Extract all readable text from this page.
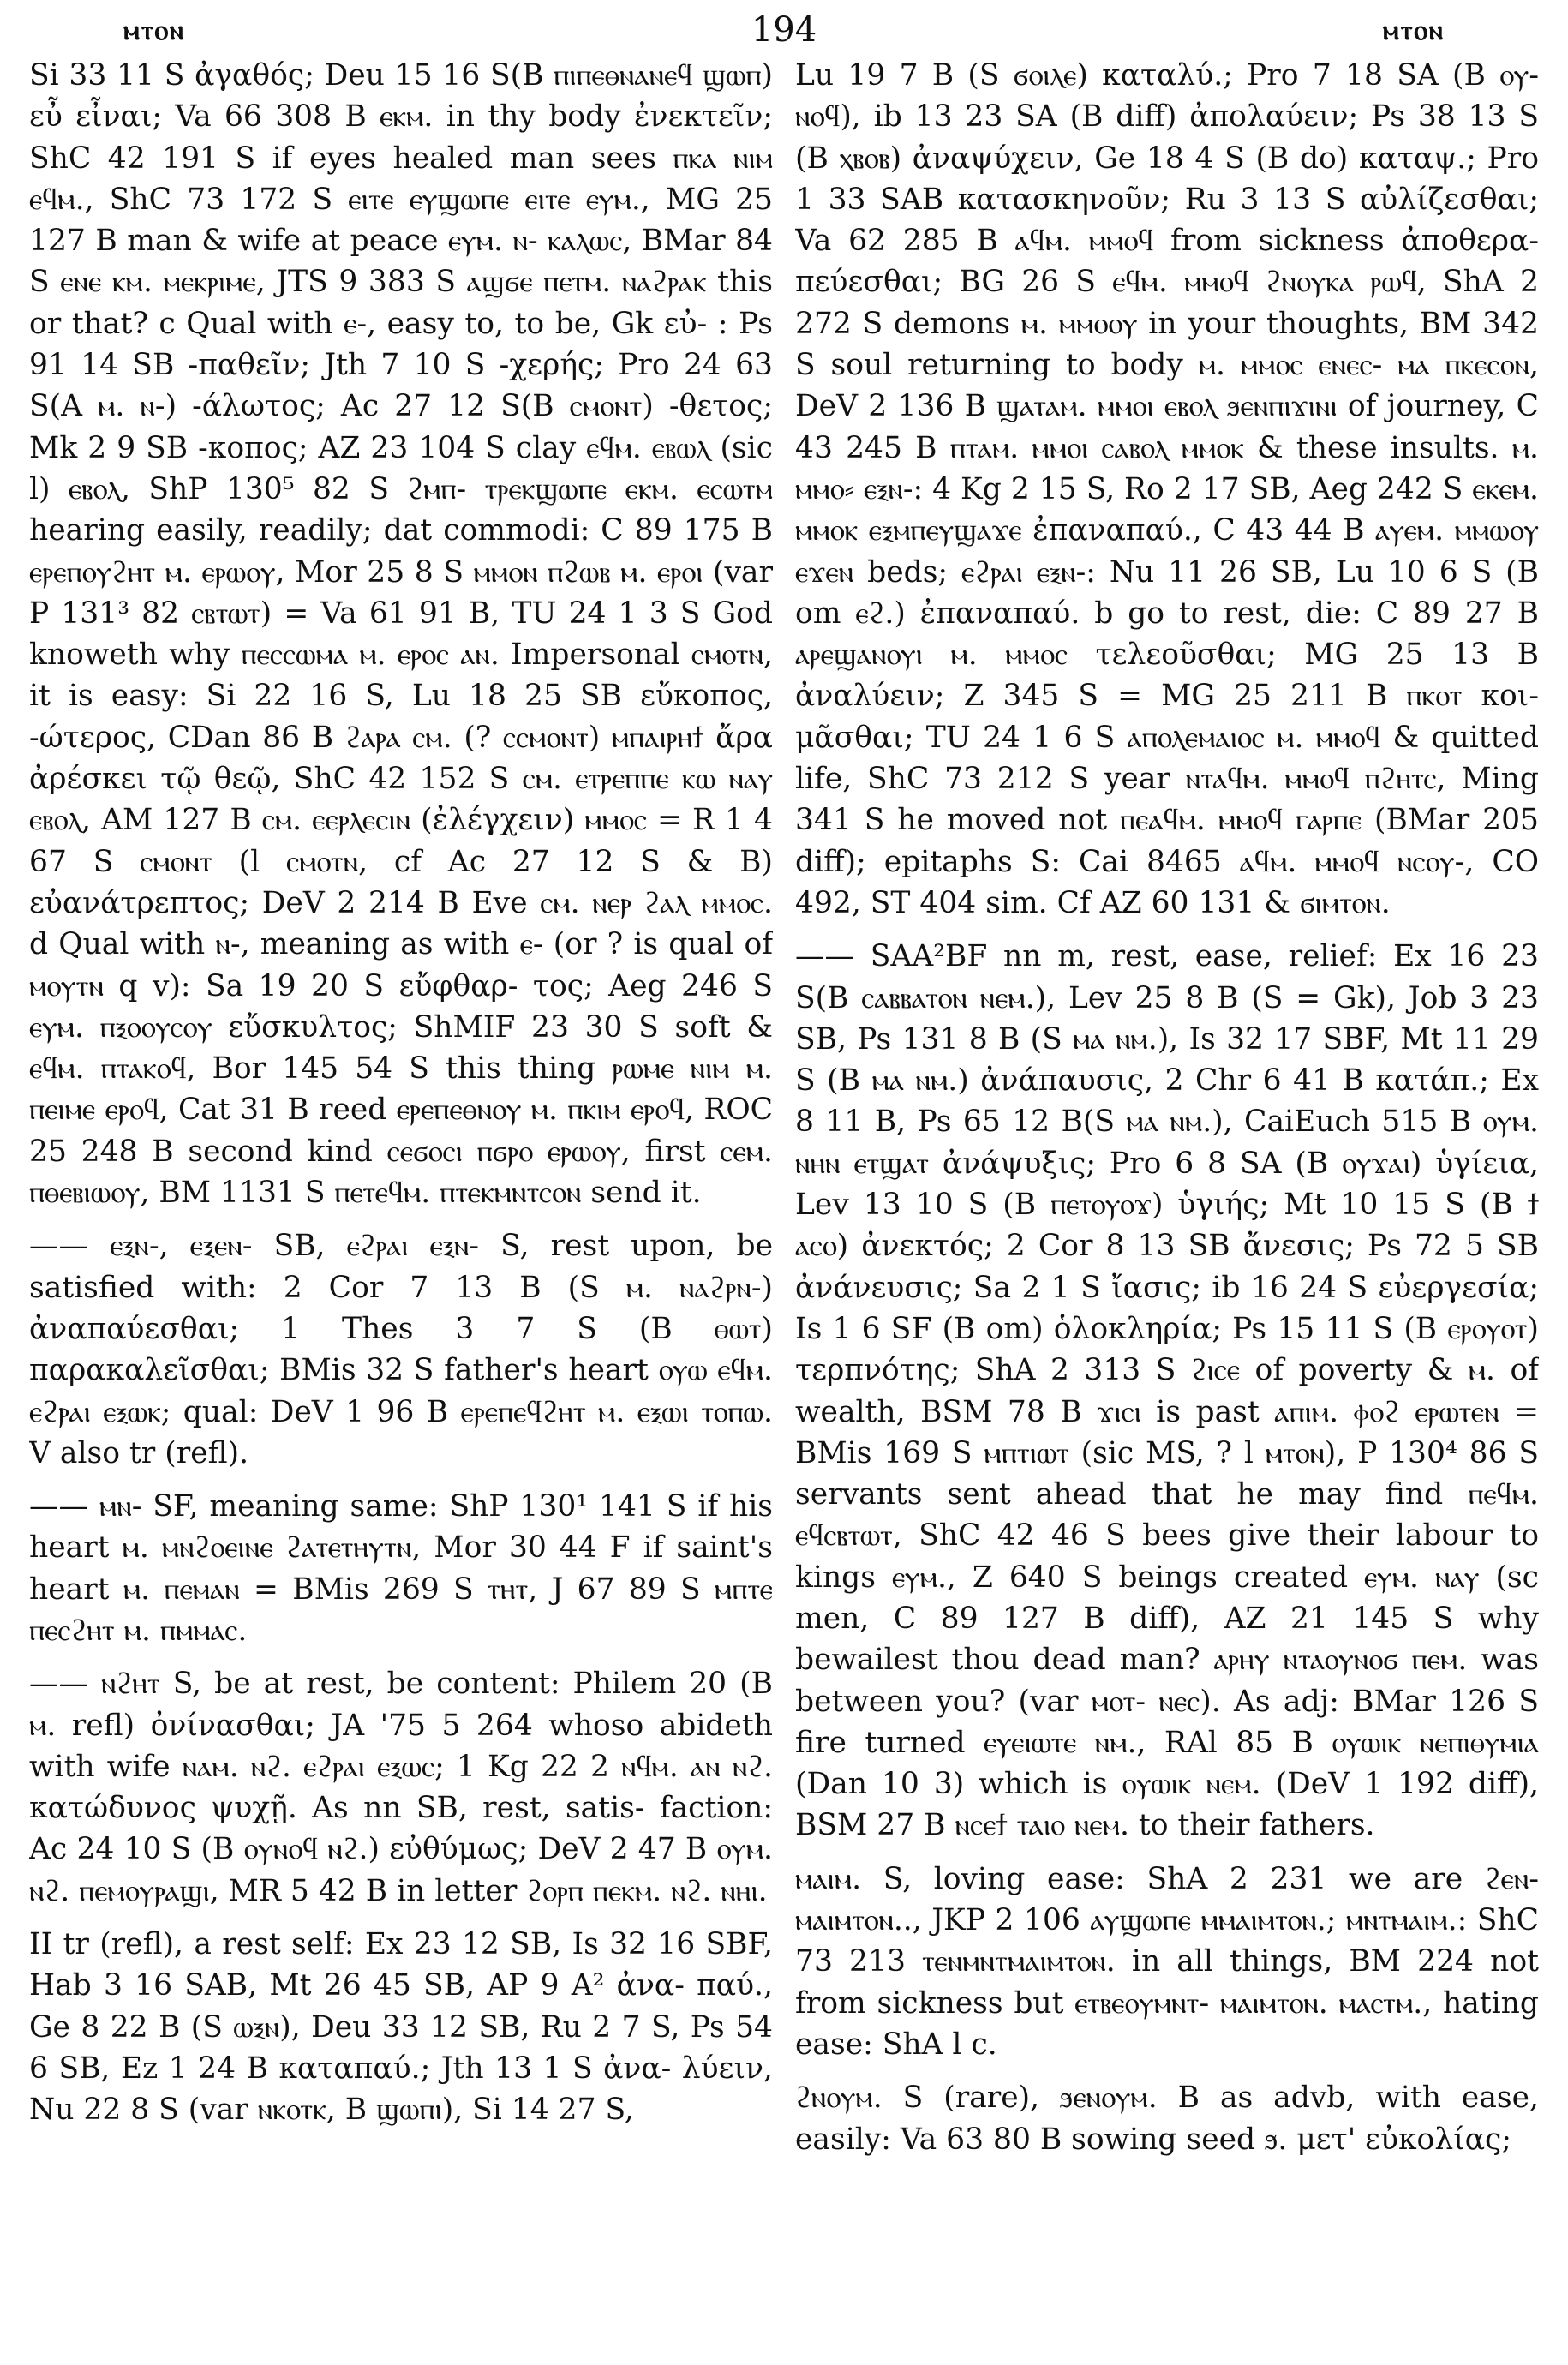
ⲙⲧⲟⲛ	194	ⲙⲧⲟⲛ

Si 33 11 S ἀγαθός; Deu 15 16 S(B ⲡⲓⲡⲉⲑⲛⲁⲛⲉϥ ϣⲱⲡ) εὖ εἶναι; Va 66 308 B ⲉⲕⲙ. in thy body ἐνεκτεῖν; ShC 42 191 S if eyes healed man sees ⲡⲕⲁ ⲛⲓⲙ ⲉϥⲙ., ShC 73 172 S ⲉⲓⲧⲉ ⲉⲩϣⲱⲡⲉ ⲉⲓⲧⲉ ⲉⲩⲙ., MG 25 127 B man & wife at peace ⲉⲩⲙ. ⲛ- ⲕⲁⲗⲱⲥ, BMar 84 S ⲉⲛⲉ ⲕⲙ. ⲙⲉⲕⲣⲓⲙⲉ, JTS 9 383 S ⲁϣϭⲉ ⲡⲉⲧⲙ. ⲛⲁϩⲣⲁⲕ this or that? c Qual with ⲉ-, easy to, to be, Gk εὐ- : Ps 91 14 SB -παθεῖν; Jth 7 10 S -χερής; Pro 24 63 S(A ⲙ. ⲛ-) -άλωτος; Ac 27 12 S(B ⲥⲙⲟⲛⲧ) -θετος; Mk 2 9 SB -κοπος; AZ 23 104 S clay ⲉϥⲙ. ⲉⲃⲱⲗ (sic l) ⲉⲃⲟⲗ, ShP 130⁵ 82 S ϩⲙⲡ- ⲧⲣⲉⲕϣⲱⲡⲉ ⲉⲕⲙ. ⲉⲥⲱⲧⲙ hearing easily, readily; dat commodi: C 89 175 B ⲉⲣⲉⲡⲟⲩϩⲏⲧ ⲙ. ⲉⲣⲱⲟⲩ, Mor 25 8 S ⲙⲙⲟⲛ ⲡϩⲱⲃ ⲙ. ⲉⲣⲟⲓ (var P 131³ 82 ⲥⲃⲧⲱⲧ) = Va 61 91 B, TU 24 1 3 S God knoweth why ⲡⲉⲥⲥⲱⲙⲁ ⲙ. ⲉⲣⲟⲥ ⲁⲛ. Impersonal ⲥⲙⲟⲧⲛ, it is easy: Si 22 16 S, Lu 18 25 SB εὔκοπος, -ώτερος, CDan 86 B ϩⲁⲣⲁ ⲥⲙ. (? ⲥⲥⲙⲟⲛⲧ) ⲙⲡⲁⲓⲣⲏϯ ἄρα ἀρέσκει τῷ θεῷ, ShC 42 152 S ⲥⲙ. ⲉⲧⲣⲉⲡⲡⲉ ⲕⲱ ⲛⲁⲩ ⲉⲃⲟⲗ, AM 127 B ⲥⲙ. ⲉⲉⲣⲗⲉⲥⲓⲛ (ἐλέγχειν) ⲙⲙⲟⲥ = R 1 4 67 S ⲥⲙⲟⲛⲧ (l ⲥⲙⲟⲧⲛ, cf Ac 27 12 S & B) εὐανάτρεπτος; DeV 2 214 B Eve ⲥⲙ. ⲛⲉⲣ ϩⲁⲗ ⲙⲙⲟⲥ. d Qual with ⲛ-, meaning as with ⲉ- (or ? is qual of ⲙⲟⲩⲧⲛ q v): Sa 19 20 S εὔφθαρ- τος; Aeg 246 S ⲉⲩⲙ. ⲡⲝⲟⲟⲩⲥⲟⲩ εὔσκυλτος; ShMIF 23 30 S soft & ⲉϥⲙ. ⲡⲧⲁⲕⲟϥ, Bor 145 54 S this thing ⲣⲱⲙⲉ ⲛⲓⲙ ⲙ. ⲡⲉⲓⲙⲉ ⲉⲣⲟϥ, Cat 31 B reed ⲉⲣⲉⲡⲉⲑⲛⲟⲩ ⲙ. ⲡⲕⲓⲙ ⲉⲣⲟϥ, ROC 25 248 B second kind ⲥⲉϭⲟⲥⲓ ⲡϭⲣⲟ ⲉⲣⲱⲟⲩ, first ⲥⲉⲙ. ⲡⲑⲉⲃⲓⲱⲟⲩ, BM 1131 S ⲡⲉⲧⲉϥⲙ. ⲡⲧⲉⲕⲙⲛⲧⲥⲟⲛ send it.

—— ⲉⲝⲛ-, ⲉⲝⲉⲛ- SB, ⲉϩⲣⲁⲓ ⲉⲝⲛ- S, rest upon, be satisfied with: 2 Cor 7 13 B (S ⲙ. ⲛⲁϩⲣⲛ-) ἀναπαύεσθαι; 1 Thes 3 7 S (B ⲑⲱⲧ) παρακαλεῖσθαι; BMis 32 S father's heart ⲟⲩⲱ ⲉϥⲙ. ⲉϩⲣⲁⲓ ⲉⲝⲱⲕ; qual: DeV 1 96 B ⲉⲣⲉⲡⲉϥϩⲏⲧ ⲙ. ⲉⲝⲱⲓ ⲧⲟⲡⲱ. V also tr (refl).

—— ⲙⲛ- SF, meaning same: ShP 130¹ 141 S if his heart ⲙ. ⲙⲛϩⲟⲉⲓⲛⲉ ϩⲁⲧⲉⲧⲏⲩⲧⲛ, Mor 30 44 F if saint's heart ⲙ. ⲡⲉⲙⲁⲛ = BMis 269 S ⲧⲏⲧ, J 67 89 S ⲙⲡⲧⲉ ⲡⲉⲥϩⲏⲧ ⲙ. ⲡⲙⲙⲁⲥ.

—— ⲛϩⲏⲧ S, be at rest, be content: Philem 20 (B ⲙ. refl) ὀνίνασθαι; JA '75 5 264 whoso abideth with wife ⲛⲁⲙ. ⲛϩ. ⲉϩⲣⲁⲓ ⲉⲝⲱⲥ; 1 Kg 22 2 ⲛϥⲙ. ⲁⲛ ⲛϩ. κατώδυνος ψυχῇ. As nn SB, rest, satis- faction: Ac 24 10 S (B ⲟⲩⲛⲟϥ ⲛϩ.) εὐθύμως; DeV 2 47 B ⲟⲩⲙ. ⲛϩ. ⲡⲉⲙⲟⲩⲣⲁϣⲓ, MR 5 42 B in letter ϩⲟⲣⲡ ⲡⲉⲕⲙ. ⲛϩ. ⲛⲏⲓ.

II tr (refl), a rest self: Ex 23 12 SB, Is 32 16 SBF, Hab 3 16 SAB, Mt 26 45 SB, AP 9 A² ἀνα- παύ., Ge 8 22 B (S ⲱⲝⲛ), Deu 33 12 SB, Ru 2 7 S, Ps 54 6 SB, Ez 1 24 B καταπαύ.; Jth 13 1 S ἀνα- λύειν, Nu 22 8 S (var ⲛⲕⲟⲧⲕ, B ϣⲱⲡⲓ), Si 14 27 S,

Lu 19 7 B (S ϭⲟⲓⲗⲉ) καταλύ.; Pro 7 18 SA (B ⲟⲩ- ⲛⲟϥ), ib 13 23 SA (B diff) ἀπολαύειν; Ps 38 13 S (B ⲭⲃⲟⲃ) ἀναψύχειν, Ge 18 4 S (B do) καταψ.; Pro 1 33 SAB κατασκηνοῦν; Ru 3 13 S αὐλίζεσθαι; Va 62 285 B ⲁϥⲙ. ⲙⲙⲟϥ from sickness ἀποθερα- πεύεσθαι; BG 26 S ⲉϥⲙ. ⲙⲙⲟϥ ϩⲛⲟⲩⲕⲁ ⲣⲱϥ, ShA 2 272 S demons ⲙ. ⲙⲙⲟⲟⲩ in your thoughts, BM 342 S soul returning to body ⲙ. ⲙⲙⲟⲥ ⲉⲛⲉⲥ- ⲙⲁ ⲡⲕⲉⲥⲟⲛ, DeV 2 136 B ϣⲁⲧⲁⲙ. ⲙⲙⲟⲓ ⲉⲃⲟⲗ ϧⲉⲛⲡⲓϫⲓⲛⲓ of journey, C 43 245 B ⲡⲧⲁⲙ. ⲙⲙⲟⲓ ⲥⲁⲃⲟⲗ ⲙⲙⲟⲕ & these insults. ⲙ. ⲙⲙⲟ⸗ ⲉⲝⲛ-: 4 Kg 2 15 S, Ro 2 17 SB, Aeg 242 S ⲉⲕⲉⲙ. ⲙⲙⲟⲕ ⲉⲝⲙⲡⲉⲩϣⲁϫⲉ ἐπαναπαύ., C 43 44 B ⲁⲩⲉⲙ. ⲙⲙⲱⲟⲩ ⲉϫⲉⲛ beds; ⲉϩⲣⲁⲓ ⲉⲝⲛ-: Nu 11 26 SB, Lu 10 6 S (B om ⲉϩ.) ἐπαναπαύ. b go to rest, die: C 89 27 B ⲁⲣⲉϣⲁⲛⲟⲩⲓ ⲙ. ⲙⲙⲟⲥ τελεοῦσθαι; MG 25 13 B ἀναλύειν; Z 345 S = MG 25 211 B ⲡⲕⲟⲧ κοι- μᾶσθαι; TU 24 1 6 S ⲁⲡⲟⲗⲉⲙⲁⲓⲟⲥ ⲙ. ⲙⲙⲟϥ & quitted life, ShC 73 212 S year ⲛⲧⲁϥⲙ. ⲙⲙⲟϥ ⲡϩⲏⲧⲥ, Ming 341 S he moved not ⲡⲉⲁϥⲙ. ⲙⲙⲟϥ ⲅⲁⲣⲡⲉ (BMar 205 diff); epitaphs S: Cai 8465 ⲁϥⲙ. ⲙⲙⲟϥ ⲛⲥⲟⲩ-, CO 492, ST 404 sim. Cf AZ 60 131 & ϭⲓⲙⲧⲟⲛ.

—— SAA²BF nn m, rest, ease, relief: Ex 16 23 S(B ⲥⲁⲃⲃⲁⲧⲟⲛ ⲛⲉⲙ.), Lev 25 8 B (S = Gk), Job 3 23 SB, Ps 131 8 B (S ⲙⲁ ⲛⲙ.), Is 32 17 SBF, Mt 11 29 S (B ⲙⲁ ⲛⲙ.) ἀνάπαυσις, 2 Chr 6 41 B κατάπ.; Ex 8 11 B, Ps 65 12 B(S ⲙⲁ ⲛⲙ.), CaiEuch 515 B ⲟⲩⲙ. ⲛⲏⲛ ⲉⲧϣⲁⲧ ἀνάψυξις; Pro 6 8 SA (B ⲟⲩϫⲁⲓ) ὑγίεια, Lev 13 10 S (B ⲡⲉⲧⲟⲩⲟϫ) ὑγιής; Mt 10 15 S (B ϯ ⲁⲥⲟ) ἀνεκτός; 2 Cor 8 13 SB ἄνεσις; Ps 72 5 SB ἀνάνευσις; Sa 2 1 S ἴασις; ib 16 24 S εὐεργεσία; Is 1 6 SF (B om) ὁλοκληρία; Ps 15 11 S (B ⲉⲣⲟⲩⲟⲧ) τερπνότης; ShA 2 313 S ϩⲓⲥⲉ of poverty & ⲙ. of wealth, BSM 78 B ϫⲓⲥⲓ is past ⲁⲡⲓⲙ. ⲫⲟϩ ⲉⲣⲱⲧⲉⲛ = BMis 169 S ⲙⲡⲧⲓⲱⲧ (sic MS, ? l ⲙⲧⲟⲛ), P 130⁴ 86 S servants sent ahead that he may find ⲡⲉϥⲙ. ⲉϥⲥⲃⲧⲱⲧ, ShC 42 46 S bees give their labour to kings ⲉⲩⲙ., Z 640 S beings created ⲉⲩⲙ. ⲛⲁⲩ (sc men, C 89 127 B diff), AZ 21 145 S why bewailest thou dead man? ⲁⲣⲏⲩ ⲛⲧⲁⲟⲩⲛⲟϭ ⲡⲉⲙ. was between you? (var ⲙⲟⲧ- ⲛⲉⲥ). As adj: BMar 126 S fire turned ⲉⲩⲉⲓⲱⲧⲉ ⲛⲙ., RAl 85 B ⲟⲩⲱⲓⲕ ⲛⲉⲡⲓⲑⲩⲙⲓⲁ (Dan 10 3) which is ⲟⲩⲱⲓⲕ ⲛⲉⲙ. (DeV 1 192 diff), BSM 27 B ⲛⲥⲉϯ ⲧⲁⲓⲟ ⲛⲉⲙ. to their fathers.

ⲙⲁⲓⲙ. S, loving ease: ShA 2 231 we are ϩⲉⲛ- ⲙⲁⲓⲙⲧⲟⲛ.., JKP 2 106 ⲁⲩϣⲱⲡⲉ ⲙⲙⲁⲓⲙⲧⲟⲛ.; ⲙⲛⲧⲙⲁⲓⲙ.: ShC 73 213 ⲧⲉⲛⲙⲛⲧⲙⲁⲓⲙⲧⲟⲛ. in all things, BM 224 not from sickness but ⲉⲧⲃⲉⲟⲩⲙⲛⲧ- ⲙⲁⲓⲙⲧⲟⲛ. ⲙⲁⲥⲧⲙ., hating ease: ShA l c.

ϩⲛⲟⲩⲙ. S (rare), ϧⲉⲛⲟⲩⲙ. B as advb, with ease, easily: Va 63 80 B sowing seed ϧ. μετ' εὐκολίας;
